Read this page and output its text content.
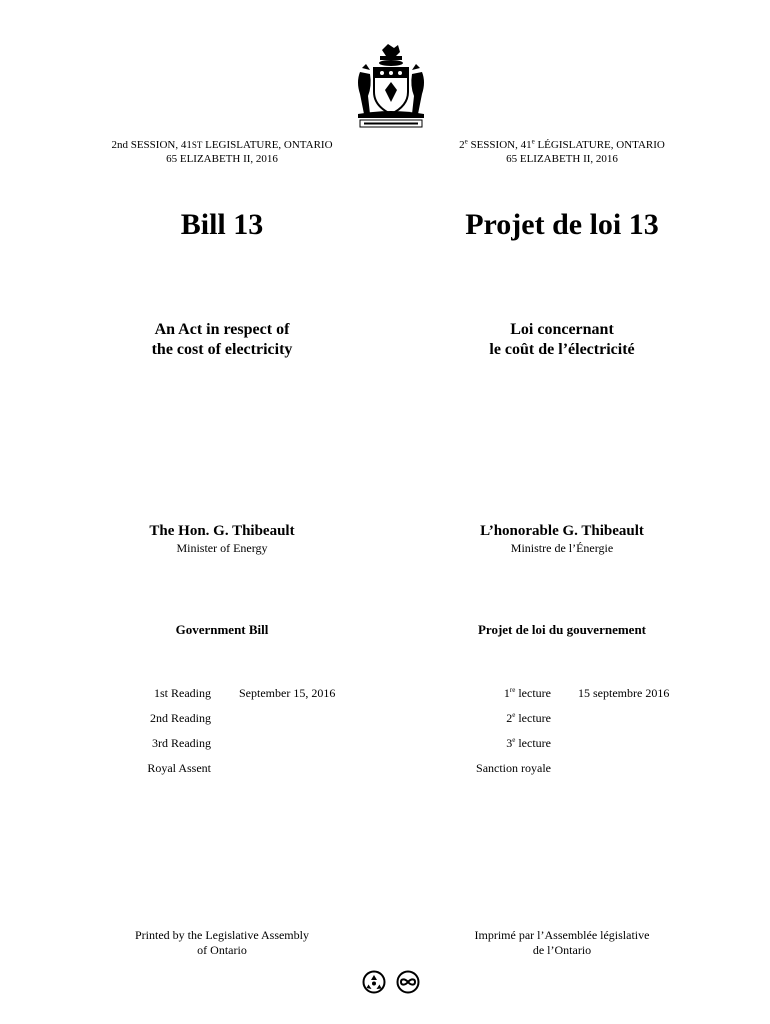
2nd SESSION, 41ST LEGISLATURE, ONTARIO
65 ELIZABETH II, 2016
2e SESSION, 41e LÉGISLATURE, ONTARIO
65 ELIZABETH II, 2016
Bill 13	Projet de loi 13
An Act in respect of
the cost of electricity
Loi concernant
le coût de l’électricité
The Hon. G. Thibeault
Minister of Energy
L’honorable G. Thibeault
Ministre de l’Énergie
Government Bill	Projet de loi du gouvernement
1st Reading September 15, 2016
2nd Reading
3rd Reading
Royal Assent
1re lecture 15 septembre 2016
2e lecture
3e lecture
Sanction royale
Printed by the Legislative Assembly
of Ontario
Imprimé par l’Assemblée législative
de l’Ontario
